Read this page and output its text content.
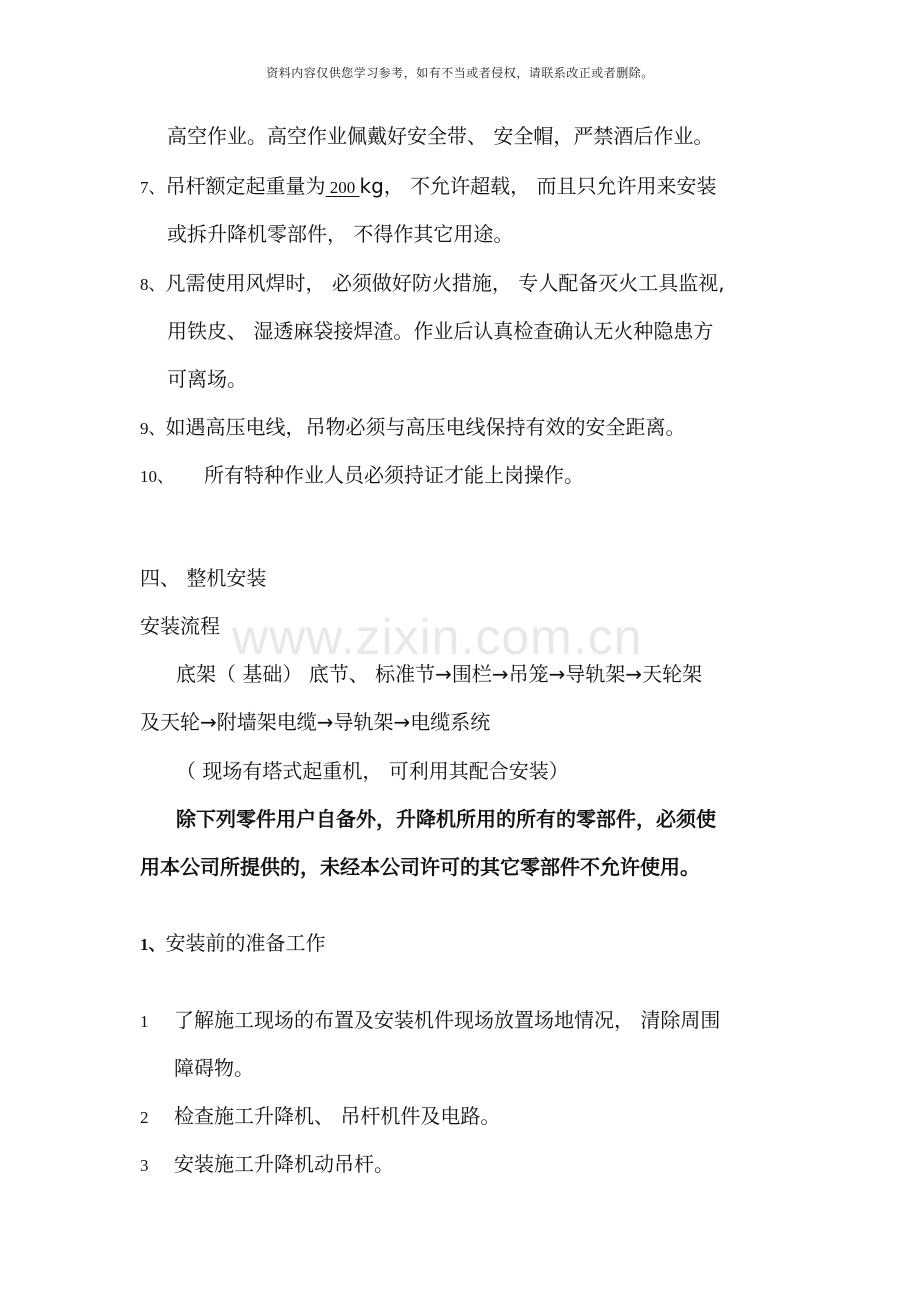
资料内容仅供您学习参考，如有不当或者侵权，请联系改正或者删除。
www.zixin.com.cn
高空作业。高空作业佩戴好安全带、 安全帽，严禁酒后作业。
7、吊杆额定起重量为 200 kg， 不允许超载， 而且只允许用来安装
或拆升降机零部件， 不得作其它用途。
8、凡需使用风焊时， 必须做好防火措施， 专人配备灭火工具监视,
用铁皮、 湿透麻袋接焊渣。作业后认真检查确认无火种隐患方
可离场。
9、如遇高压电线，吊物必须与高压电线保持有效的安全距离。
10、 所有特种作业人员必须持证才能上岗操作。
四、 整机安装
安装流程
底架（ 基础） 底节、 标准节→围栏→吊笼→导轨架→天轮架
及天轮→附墙架电缆→导轨架→电缆系统
（ 现场有塔式起重机， 可利用其配合安装）
除下列零件用户自备外，升降机所用的所有的零部件，必须使
用本公司所提供的，未经本公司许可的其它零部件不允许使用。
1、安装前的准备工作
1 了解施工现场的布置及安装机件现场放置场地情况， 清除周围
障碍物。
2 检查施工升降机、 吊杆机件及电路。
3 安装施工升降机动吊杆。
